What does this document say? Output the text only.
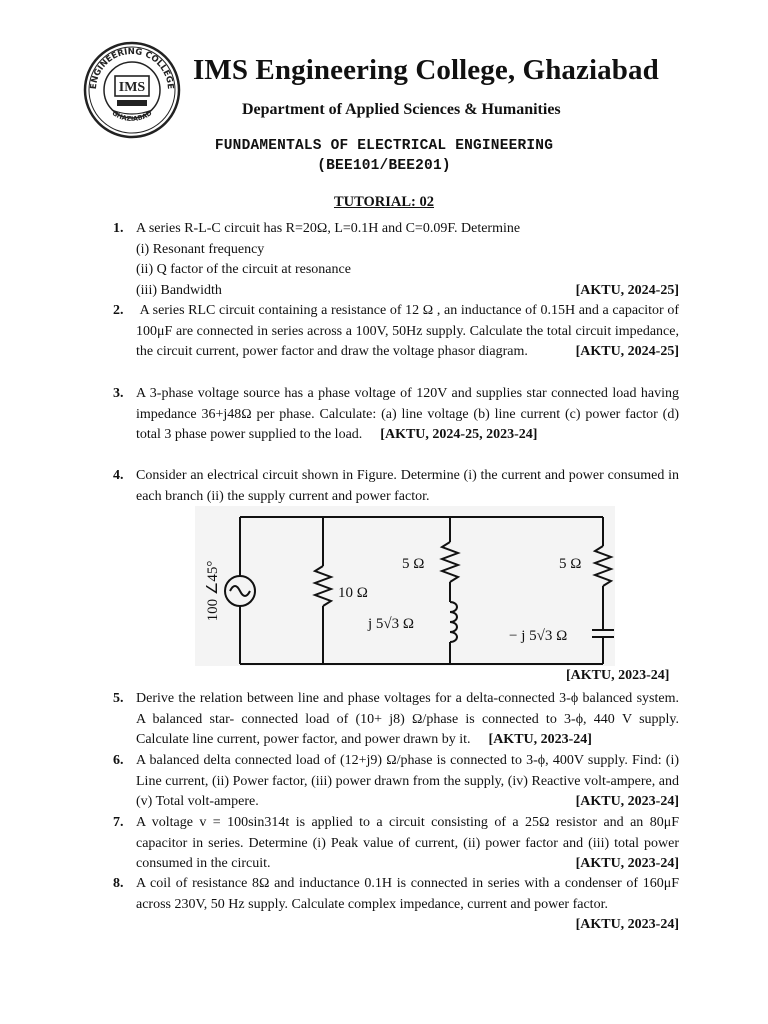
ENGINEERING COLLEGE
GHAZIABAD
IMS
IMS Engineering College, Ghaziabad
Department of Applied Sciences & Humanities
FUNDAMENTALS OF ELECTRICAL ENGINEERING
(BEE101/BEE201)
TUTORIAL: 02
1. A series R-L-C circuit has R=20Ω, L=0.1H and C=0.09F. Determine
(i) Resonant frequency
(ii) Q factor of the circuit at resonance
(iii) Bandwidth	[AKTU, 2024-25]
2. A series RLC circuit containing a resistance of 12 Ω , an inductance of 0.15H and a capacitor of 100μF are connected in series across a 100V, 50Hz supply. Calculate the total circuit impedance, the circuit current, power factor and draw the voltage phasor diagram.	[AKTU, 2024-25]
3. A 3-phase voltage source has a phase voltage of 120V and supplies star connected load having impedance 36+j48Ω per phase. Calculate: (a) line voltage (b) line current (c) power factor (d) total 3 phase power supplied to the load. [AKTU, 2024-25, 2023-24]
4. Consider an electrical circuit shown in Figure. Determine (i) the current and power consumed in each branch (ii) the supply current and power factor.
100 ∠45°	10 Ω
5 Ω
j 5√3 Ω
5 Ω
− j 5√3 Ω
[AKTU, 2023-24]
5. Derive the relation between line and phase voltages for a delta-connected 3-ϕ balanced system. A balanced star- connected load of (10+ j8) Ω/phase is connected to 3-ϕ, 440 V supply. Calculate line current, power factor, and power drawn by it. [AKTU, 2023-24]
6. A balanced delta connected load of (12+j9) Ω/phase is connected to 3-ϕ, 400V supply. Find: (i) Line current, (ii) Power factor, (iii) power drawn from the supply, (iv) Reactive volt-ampere, and (v) Total volt-ampere.	[AKTU, 2023-24]
7. A voltage v = 100sin314t is applied to a circuit consisting of a 25Ω resistor and an 80μF capacitor in series. Determine (i) Peak value of current, (ii) power factor and (iii) total power consumed in the circuit.	[AKTU, 2023-24]
8. A coil of resistance 8Ω and inductance 0.1H is connected in series with a condenser of 160μF across 230V, 50 Hz supply. Calculate complex impedance, current and power factor.
[AKTU, 2023-24]
